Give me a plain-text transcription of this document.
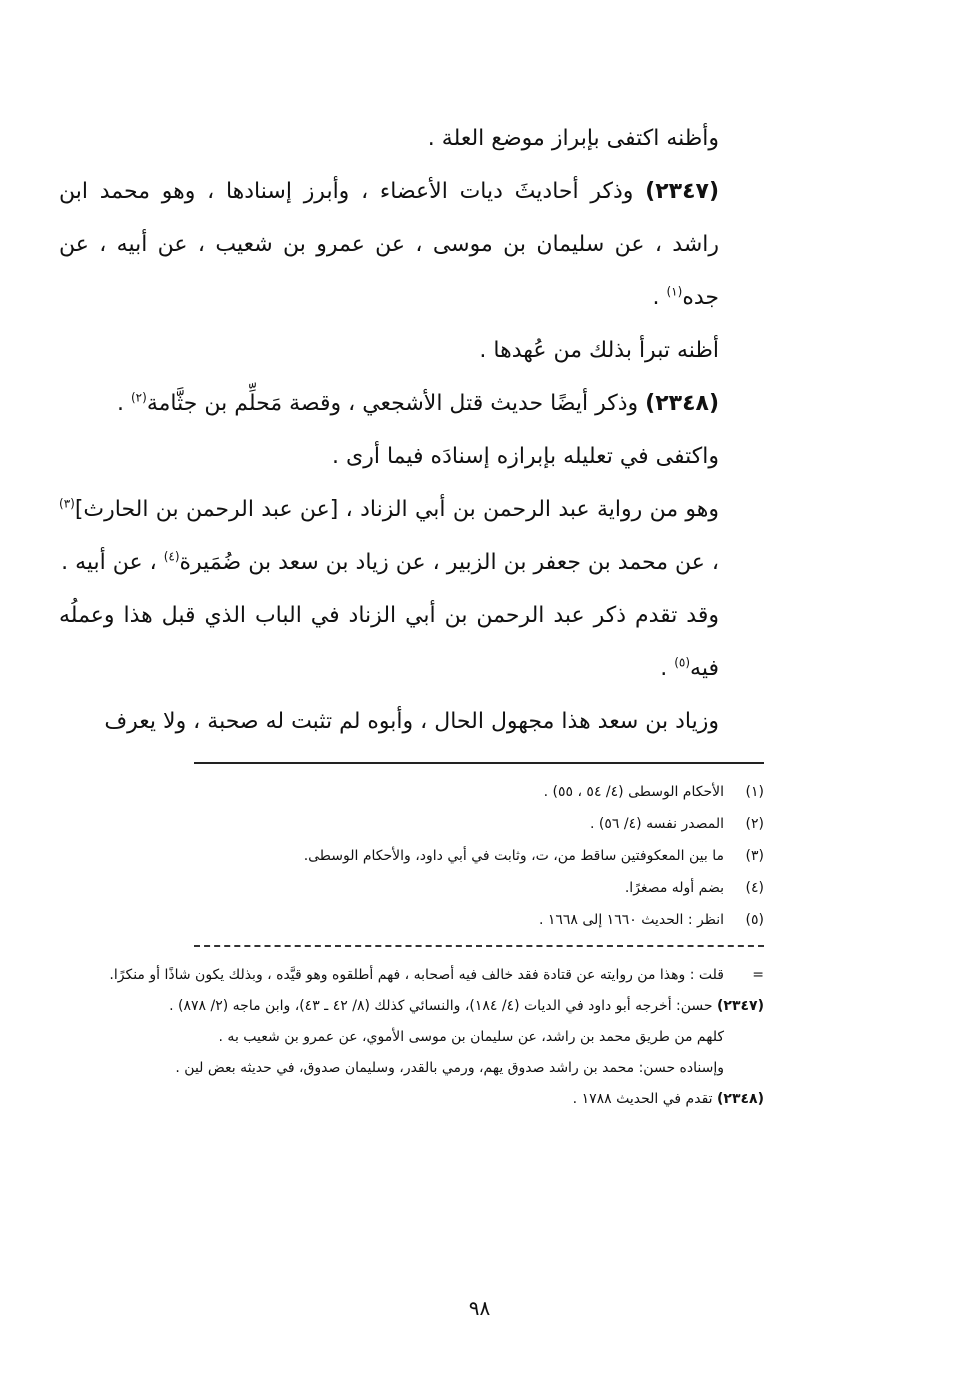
وأظنه اكتفى بإبراز موضع العلة .

(٢٣٤٧) وذكر أحاديثَ ديات الأعضاء ، وأبرز إسنادها ، وهو محمد ابن راشد ، عن سليمان بن موسى ، عن عمرو بن شعيب ، عن أبيه ، عن جده$^{(١)}$ .

أظنه تبرأ بذلك من عُهدها .

(٢٣٤٨) وذكر أيضًا حديث قتل الأشجعي ، وقصة مَحلِّم بن جثَّامة$^{(٢)}$ .

واكتفى في تعليله بإبرازه إسنادَه فيما أرى .

وهو من رواية عبد الرحمن بن أبي الزناد ، [عن عبد الرحمن بن الحارث]$^{(٣)}$ ، عن محمد بن جعفر بن الزبير ، عن زياد بن سعد بن ضُمَيرة$^{(٤)}$ ، عن أبيه .

وقد تقدم ذكر عبد الرحمن بن أبي الزناد في الباب الذي قبل هذا وعملُه فيه$^{(٥)}$ .

وزياد بن سعد هذا مجهول الحال ، وأبوه لم تثبت له صحبة ، ولا يعرف

(١)
الأحكام الوسطى (٤/ ٥٤ ، ٥٥) .

(٢)
المصدر نفسه (٤/ ٥٦) .

(٣)
ما بين المعكوفتين ساقط من، ت، وثابت في أبي داود، والأحكام الوسطى.

(٤)
بضم أوله مصغرًا.

(٥)
انظر : الحديث ١٦٦٠ إلى ١٦٦٨ .

=قلت : وهذا من روايته عن قتادة فقد خالف فيه أصحابه ، فهم أطلقوه وهو قيَّده ، وبذلك يكون شاذًا أو منكرًا.

(٢٣٤٧) حسن: أخرجه أبو داود في الديات (٤/ ١٨٤)، والنسائي كذلك (٨/ ٤٢ ـ ٤٣)، وابن ماجه (٢/ ٨٧٨) .

كلهم من طريق محمد بن راشد، عن سليمان بن موسى الأموي، عن عمرو بن شعيب به .

وإسناده حسن: محمد بن راشد صدوق يهم، ورمي بالقدر، وسليمان صدوق، في حديثه بعض لين .

(٢٣٤٨) تقدم في الحديث ١٧٨٨ .

٩٨
